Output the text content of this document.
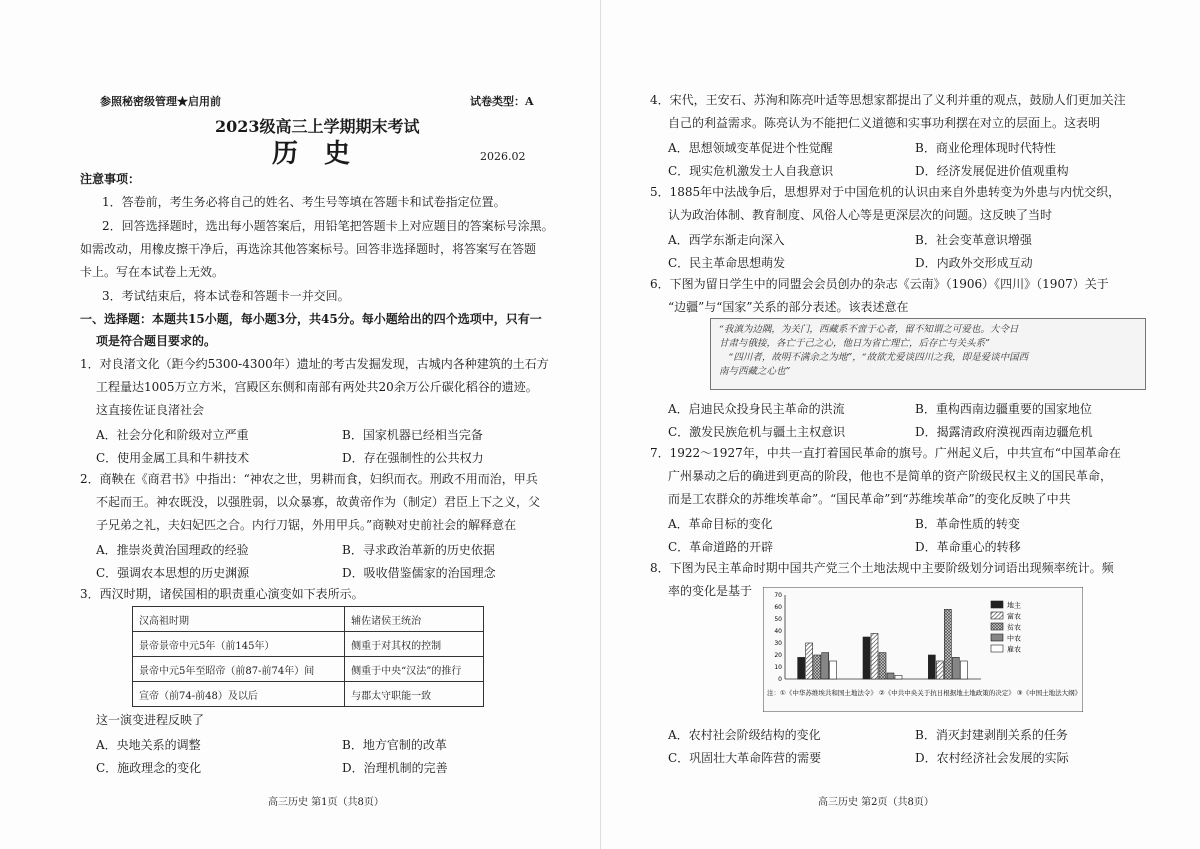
参照秘密级管理★启用前	试卷类型：A
2023级高三上学期期末考试
历　史	2026.02
注意事项：
1．答卷前，考生务必将自己的姓名、考生号等填在答题卡和试卷指定位置。
2．回答选择题时，选出每小题答案后，用铅笔把答题卡上对应题目的答案标号涂黑。
如需改动，用橡皮擦干净后，再选涂其他答案标号。回答非选择题时，将答案写在答题
卡上。写在本试卷上无效。
3．考试结束后，将本试卷和答题卡一并交回。
一、选择题：本题共15小题，每小题3分，共45分。每小题给出的四个选项中，只有一
项是符合题目要求的。
1．对良渚文化（距今约5300-4300年）遗址的考古发掘发现，古城内各种建筑的土石方
工程量达1005万立方米，宫殿区东侧和南部有两处共20余万公斤碳化稻谷的遗迹。
这直接佐证良渚社会
A．社会分化和阶级对立严重	B．国家机器已经相当完备
C．使用金属工具和牛耕技术	D．存在强制性的公共权力
2．商鞅在《商君书》中指出：“神农之世，男耕而食，妇织而衣。刑政不用而治，甲兵
不起而王。神农既没，以强胜弱，以众暴寡，故黄帝作为（制定）君臣上下之义，父
子兄弟之礼，夫妇妃匹之合。内行刀锯，外用甲兵。”商鞅对史前社会的解释意在
A．推崇炎黄治国理政的经验	B．寻求政治革新的历史依据
C．强调农本思想的历史渊源	D．吸收借鉴儒家的治国理念
3．西汉时期，诸侯国相的职责重心演变如下表所示。
汉高祖时期	辅佐诸侯王统治
景帝景帝中元5年（前145年）	侧重于对其权的控制
景帝中元5年至昭帝（前87-前74年）间	侧重于中央“汉法”的推行
宣帝（前74-前48）及以后	与郡太守职能一致
这一演变进程反映了
A．央地关系的调整	B．地方官制的改革
C．施政理念的变化	D．治理机制的完善
高三历史 第1页（共8页）
4．宋代，王安石、苏洵和陈亮叶适等思想家都提出了义利并重的观点，鼓励人们更加关注
自己的利益需求。陈亮认为不能把仁义道德和实事功利摆在对立的层面上。这表明
A．思想领域变革促进个性觉醒	B．商业伦理体现时代特性
C．现实危机激发士人自我意识	D．经济发展促进价值观重构
5．1885年中法战争后，思想界对于中国危机的认识由来自外患转变为外患与内忧交织，
认为政治体制、教育制度、风俗人心等是更深层次的问题。这反映了当时
A．西学东渐走向深入	B．社会变革意识增强
C．民主革命思想萌发	D．内政外交形成互动
6．下图为留日学生中的同盟会会员创办的杂志《云南》（1906）《四川》（1907）关于
“边疆”与“国家”关系的部分表述。该表述意在
“我滇为边隅，为关门，西藏系不啻于心者，留不知谓之可爱也。大令日
甘肃与俄接，各亡于己之心，他日为省亡理亡，后存亡与关头系”
　“四川者，故明不满余之为地”，“故欲尤爱谈四川之我，即是爱谈中国西
南与西藏之心也”
A．启迪民众投身民主革命的洪流	B．重构西南边疆重要的国家地位
C．激发民族危机与疆土主权意识	D．揭露清政府漠视西南边疆危机
7．1922～1927年，中共一直打着国民革命的旗号。广州起义后，中共宣布“中国革命在
广州暴动之后的确进到更高的阶段，他也不是简单的资产阶级民权主义的国民革命，
而是工农群众的苏维埃革命”。“国民革命”到“苏维埃革命”的变化反映了中共
A．革命目标的变化	B．革命性质的转变
C．革命道路的开辟	D．革命重心的转移
8．下图为民主革命时期中国共产党三个土地法规中主要阶级划分词语出现频率统计。频
率的变化是基于	70
60
50
40
30
20
10
0
地主
富农
贫农
中农
雇农
注：①《中华苏维埃共和国土地法令》 ②《中共中央关于抗日根据地土地政策的决定》 ③《中国土地法大纲》
A．农村社会阶级结构的变化	B．消灭封建剥削关系的任务
C．巩固壮大革命阵营的需要	D．农村经济社会发展的实际
高三历史 第2页（共8页）
